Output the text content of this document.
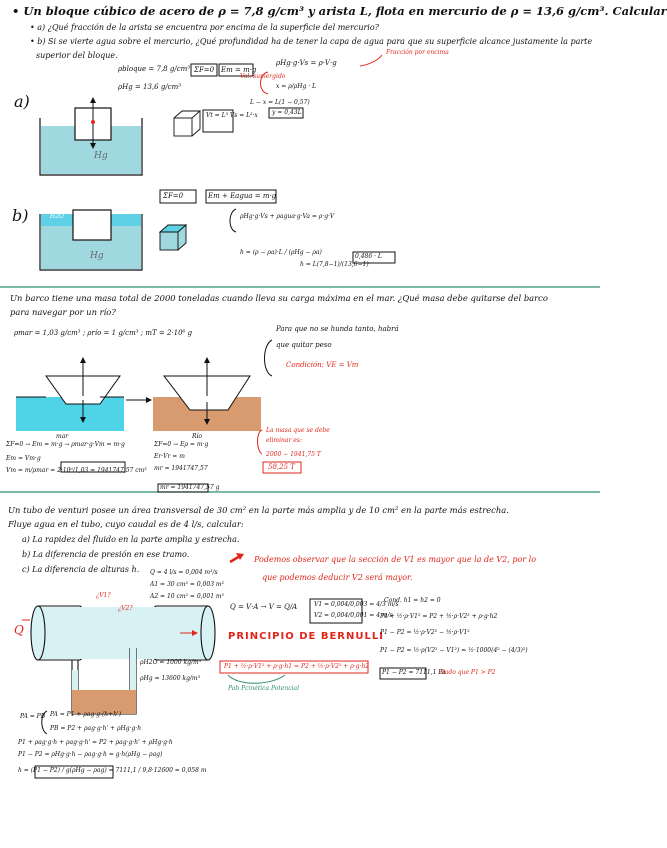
• Un bloque cúbico de acero de ρ = 7,8 g/cm³ y arista L, flota en mercurio de ρ = 13,6 g/cm³. Calcular
• a) ¿Qué fracción de la arista se encuentra por encima de la superficie del mercurio?
• b) Si se vierte agua sobre el mercurio, ¿Qué profundidad ha de tener la capa de agua para que su superficie alcance justamente la parte
superior del bloque.
ρbloque = 7,8 g/cm³
ρHg = 13,6 g/cm³
a)
ΣF=0 Em = m·g
ρHg·g·Vs = ρ·V·g
Vt = L³ Vs = L²·x
x = ρ/ρHg · L
L − x = L(1 − 0,57)
y = 0,43L
Vol. sumergido
Fracción por encima
Hg
b)	H2O
Hg
ΣF=0	Em + Eagua = m·g
ρHg·g·Vs + ρagua·g·Va = ρ·g·V
h = (ρ − ρa)·L / (ρHg − ρa)
h = L(7,8−1)/(13,6−1)
0,486 · L
Un barco tiene una masa total de 2000 toneladas cuando lleva su carga máxima en el mar. ¿Qué masa debe quitarse del barco
para navegar por un río?
ρmar = 1,03 g/cm³ ; ρrío = 1 g/cm³ ; mT = 2·10⁶ g	Para que no se hunda tanto, habrá
que quitar peso
Condición: VE = Vm
mar	Río
ΣF=0 → Em = m·g → ρmar·g·Vm = m·g
Em = Vm·g
Vm = m/ρmar = 2·10⁶/1,03 = 1941747,57 cm³
ΣF=0 → Eρ = m·g
Er·Vr = m
mr = 1941747,57
mr = 1941747,57 g
La masa que se debe
eliminar es:
2000 − 1941,75 T
58,25 T
Un tubo de venturi posee un área transversal de 30 cm² en la parte más amplia y de 10 cm² en la parte más estrecha.
Fluye agua en el tubo, cuyo caudal es de 4 l/s, calcular:
a) La rapidez del fluido en la parte amplia y estrecha.
b) La diferencia de presión en ese tramo.
c) La diferencia de alturas h. Q = 4 l/s = 0,004 m³/s
A1 = 30 cm² = 0,003 m²
A2 = 10 cm² = 0,001 m²
Podemos observar que la sección de V1 es mayor que la de V2, por lo
que podemos deducir V2 será mayor.
Q
¿V1?
¿V2?
ρH2O = 1000 kg/m³
ρHg = 13600 kg/m³
Q = V·A → V = Q/A	V1 = 0,004/0,003 = 4/3 m/s
V2 = 0,004/0,001 = 4 m/s
PRINCIPIO DE BERNULLI
P1 + ½·ρ·V1² + ρ·g·h1 = P2 + ½·ρ·V2² + ρ·g·h2
Pab Pcinética Potencial
Cond. h1 = h2 = 0
P1 + ½·ρ·V1² = P2 + ½·ρ·V2² + ρ·g·h2
P1 − P2 = ½·ρ·V2² − ½·ρ·V1²
P1 − P2 = ½·ρ(V2² − V1²) = ½·1000(4² − (4/3)²)
P1 − P2 = 7111,1 Pa
Dado que P1 > P2
PA = PB PA = P1 + ρag·g·(h+h')
PB = P2 + ρag·g·h' + ρHg·g·h
P1 + ρag·g·h + ρag·g·h' = P2 + ρag·g·h' + ρHg·g·h
P1 − P2 = ρHg·g·h − ρag·g·h = g·h(ρHg − ρag)
h = (P1 − P2) / g(ρHg − ρag) = 7111,1 / 9,8·12600 = 0,058 m
